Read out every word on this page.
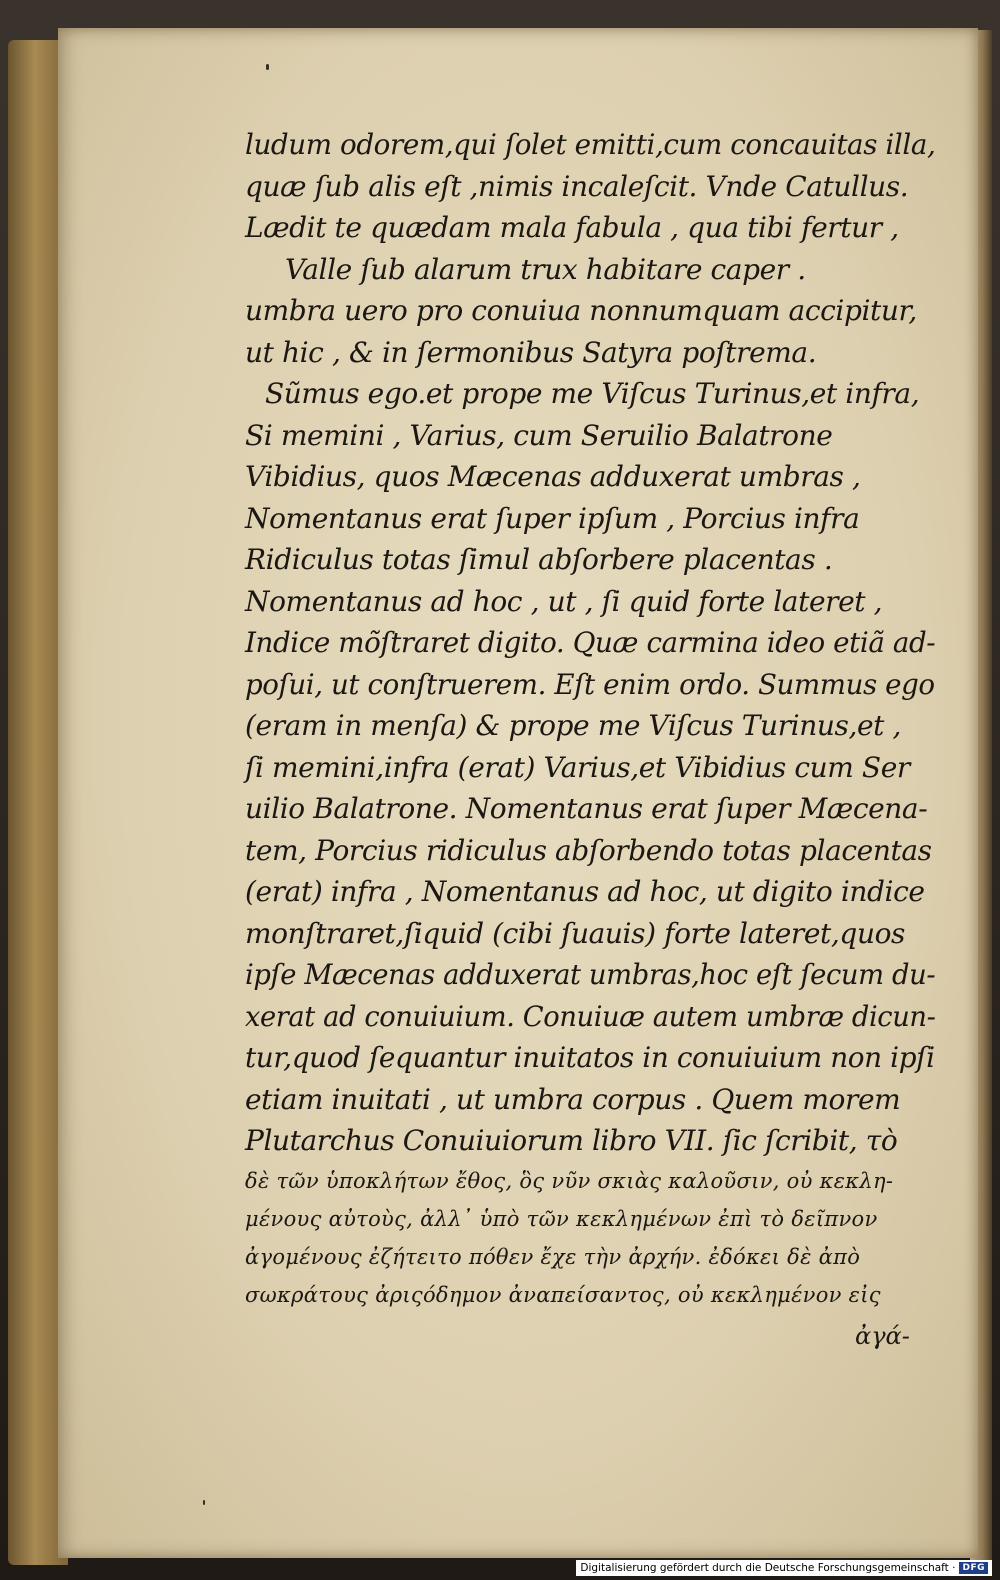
ludum odorem,qui ſolet emitti,cum concauitas illa,
quæ ſub alis eſt ,nimis incaleſcit. Vnde Catullus.
Lædit te quædam mala fabula , qua tibi fertur ,
Valle ſub alarum trux habitare caper .
umbra uero pro conuiua nonnumquam accipitur,
ut hic , & in ſermonibus Satyra poſtrema.
Sũmus ego.et prope me Viſcus Turinus,et infra,
Si memini , Varius, cum Seruilio Balatrone
Vibidius, quos Mæcenas adduxerat umbras ,
Nomentanus erat ſuper ipſum , Porcius infra
Ridiculus totas ſimul abſorbere placentas .
Nomentanus ad hoc , ut , ſi quid forte lateret ,
Indice mõſtraret digito. Quæ carmina ideo etiã ad-
poſui, ut conſtruerem. Eſt enim ordo. Summus ego
(eram in menſa) & prope me Viſcus Turinus,et ,
ſi memini,infra (erat) Varius,et Vibidius cum Ser
uilio Balatrone. Nomentanus erat ſuper Mæcena-
tem, Porcius ridiculus abſorbendo totas placentas
(erat) infra , Nomentanus ad hoc, ut digito indice
monſtraret,ſiquid (cibi ſuauis) forte lateret,quos
ipſe Mæcenas adduxerat umbras,hoc eſt ſecum du-
xerat ad conuiuium. Conuiuæ autem umbræ dicun-
tur,quod ſequantur inuitatos in conuiuium non ipſi
etiam inuitati , ut umbra corpus . Quem morem
Plutarchus Conuiuiorum libro VII. ſic ſcribit, τὸ
δὲ τῶν ὑποκλήτων ἔθος, ὃς νῦν σκιὰς καλοῦσιν, οὐ κεκλη-
μένους αὐτοὺς, ἀλλ᾽ ὑπὸ τῶν κεκλημένων ἐπὶ τὸ δεῖπνον
ἀγομένους ἐζήτειτο πόθεν ἔχε τὴν ἀρχήν. ἐδόκει δὲ ἀπὸ
σωκράτους ἀριςόδημον ἀναπείσαντος, οὐ κεκλημένον εἰς
ἀγά-
Digitalisierung gefördert durch die Deutsche Forschungsgemeinschaft · DFG
